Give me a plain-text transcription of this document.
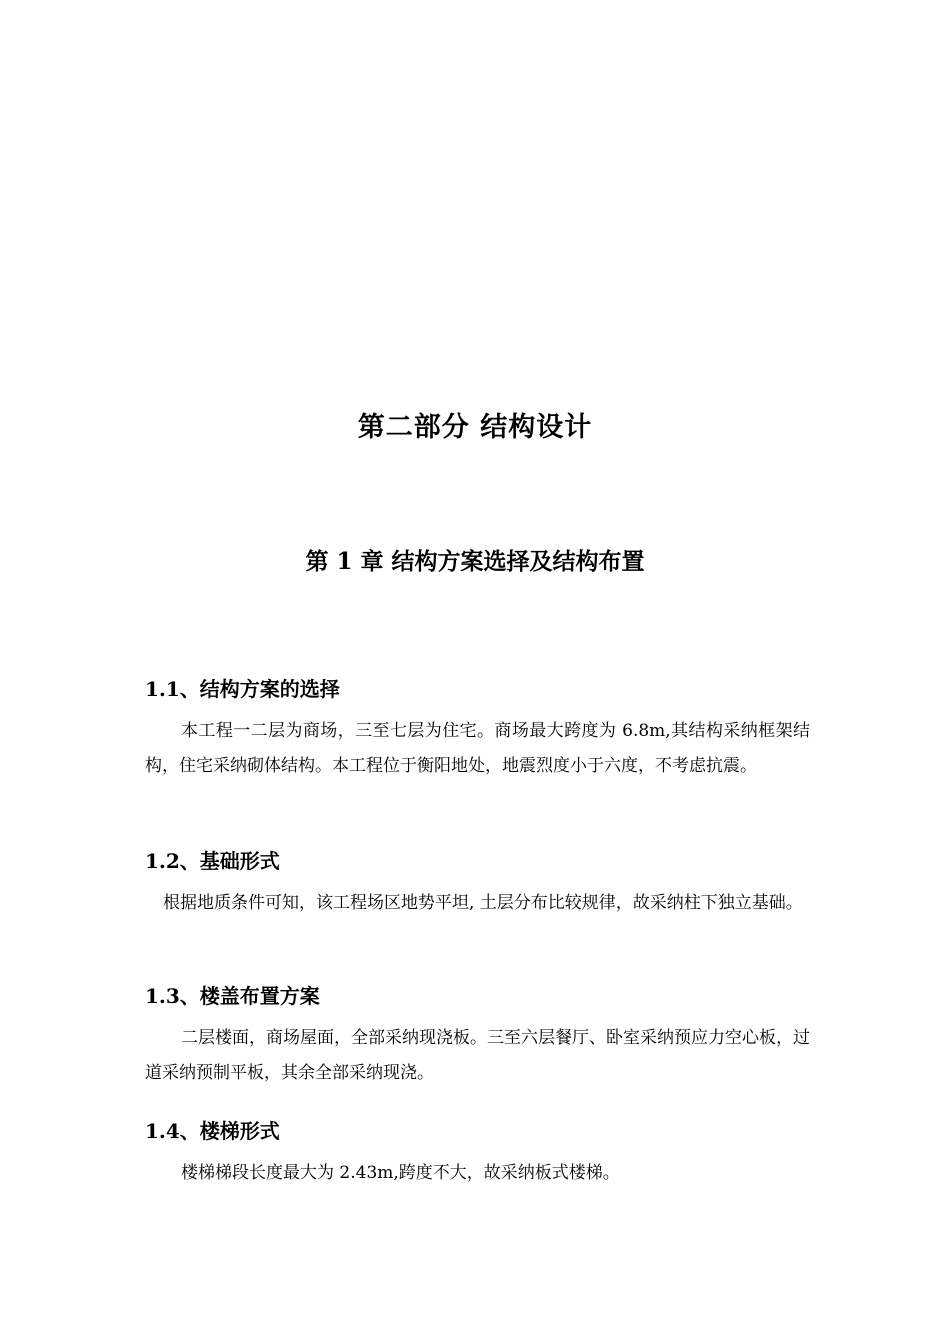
第二部分 结构设计
第 1 章 结构方案选择及结构布置
1.1、结构方案的选择

本工程一二层为商场，三至七层为住宅。商场最大跨度为 6.8m,其结构采纳框架结构，住宅采纳砌体结构。本工程位于衡阳地处，地震烈度小于六度，不考虑抗震。

1.2、基础形式

根据地质条件可知，该工程场区地势平坦, 土层分布比较规律，故采纳柱下独立基础。

1.3、楼盖布置方案

二层楼面，商场屋面，全部采纳现浇板。三至六层餐厅、卧室采纳预应力空心板，过道采纳预制平板，其余全部采纳现浇。

1.4、楼梯形式

楼梯梯段长度最大为 2.43m,跨度不大，故采纳板式楼梯。
